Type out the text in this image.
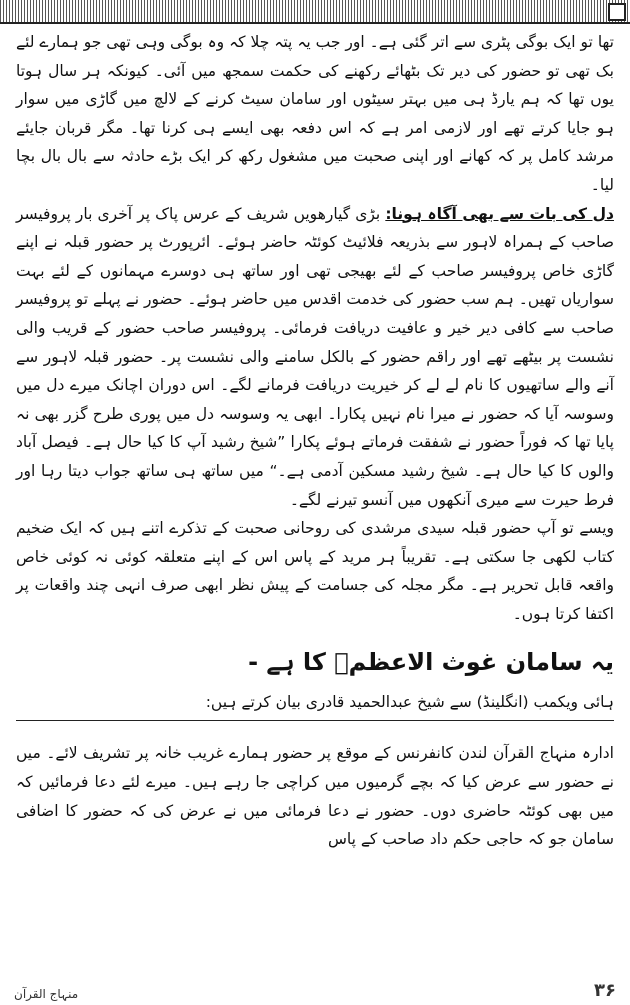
تھا تو ایک بوگی پٹری سے اتر گئی ہے۔ اور جب یہ پتہ چلا کہ وہ بوگی وہی تھی جو ہمارے لئے بک تھی تو حضور کی دیر تک بٹھائے رکھنے کی حکمت سمجھ میں آئی۔ کیونکہ ہر سال ہوتا یوں تھا کہ ہم یارڈ ہی میں بہتر سیٹوں اور سامان سیٹ کرنے کے لالچ میں گاڑی میں سوار ہو جایا کرتے تھے اور لازمی امر ہے کہ اس دفعہ بھی ایسے ہی کرنا تھا۔ مگر قربان جایئے مرشد کامل پر کہ کھانے اور اپنی صحبت میں مشغول رکھ کر ایک بڑے حادثہ سے بال بال بچا لیا۔

دل کی بات سے بھی آگاہ ہونا: بڑی گیارھویں شریف کے عرس پاک پر آخری بار پروفیسر صاحب کے ہمراہ لاہور سے بذریعہ فلائیٹ کوئٹہ حاضر ہوئے۔ ائرپورٹ پر حضور قبلہ نے اپنے گاڑی خاص پروفیسر صاحب کے لئے بھیجی تھی اور ساتھ ہی دوسرے مہمانوں کے لئے بہت سواریاں تھیں۔ ہم سب حضور کی خدمت اقدس میں حاضر ہوئے۔ حضور نے پہلے تو پروفیسر صاحب سے کافی دیر خیر و عافیت دریافت فرمائی۔ پروفیسر صاحب حضور کے قریب والی نشست پر بیٹھے تھے اور راقم حضور کے بالکل سامنے والی نشست پر۔ حضور قبلہ لاہور سے آنے والے ساتھیوں کا نام لے لے کر خیریت دریافت فرمانے لگے۔ اس دوران اچانک میرے دل میں وسوسہ آیا کہ حضور نے میرا نام نہیں پکارا۔ ابھی یہ وسوسہ دل میں پوری طرح گزر بھی نہ پایا تھا کہ فوراً حضور نے شفقت فرماتے ہوئے پکارا ”شیخ رشید آپ کا کیا حال ہے۔ فیصل آباد والوں کا کیا حال ہے۔ شیخ رشید مسکین آدمی ہے۔“ میں ساتھ ہی ساتھ جواب دیتا رہا اور فرط حیرت سے میری آنکھوں میں آنسو تیرنے لگے۔

ویسے تو آپ حضور قبلہ سیدی مرشدی کی روحانی صحبت کے تذکرے اتنے ہیں کہ ایک ضخیم کتاب لکھی جا سکتی ہے۔ تقریباً ہر مرید کے پاس اس کے اپنے متعلقہ کوئی نہ کوئی خاص واقعہ قابل تحریر ہے۔ مگر مجلہ کی جسامت کے پیش نظر ابھی صرف انہی چند واقعات پر اکتفا کرتا ہوں۔

یہ سامان غوث الاعظمؒ کا ہے -
ہائی ویکمب (انگلینڈ) سے شیخ عبدالحمید قادری بیان کرتے ہیں:

ادارہ منہاج القرآن لندن کانفرنس کے موقع پر حضور ہمارے غریب خانہ پر تشریف لائے۔ میں نے حضور سے عرض کیا کہ بچے گرمیوں میں کراچی جا رہے ہیں۔ میرے لئے دعا فرمائیں کہ میں بھی کوئٹہ حاضری دوں۔ حضور نے دعا فرمائی میں نے عرض کی کہ حضور کا اضافی سامان جو کہ حاجی حکم داد صاحب کے پاس

منہاج القرآن	۳۶
